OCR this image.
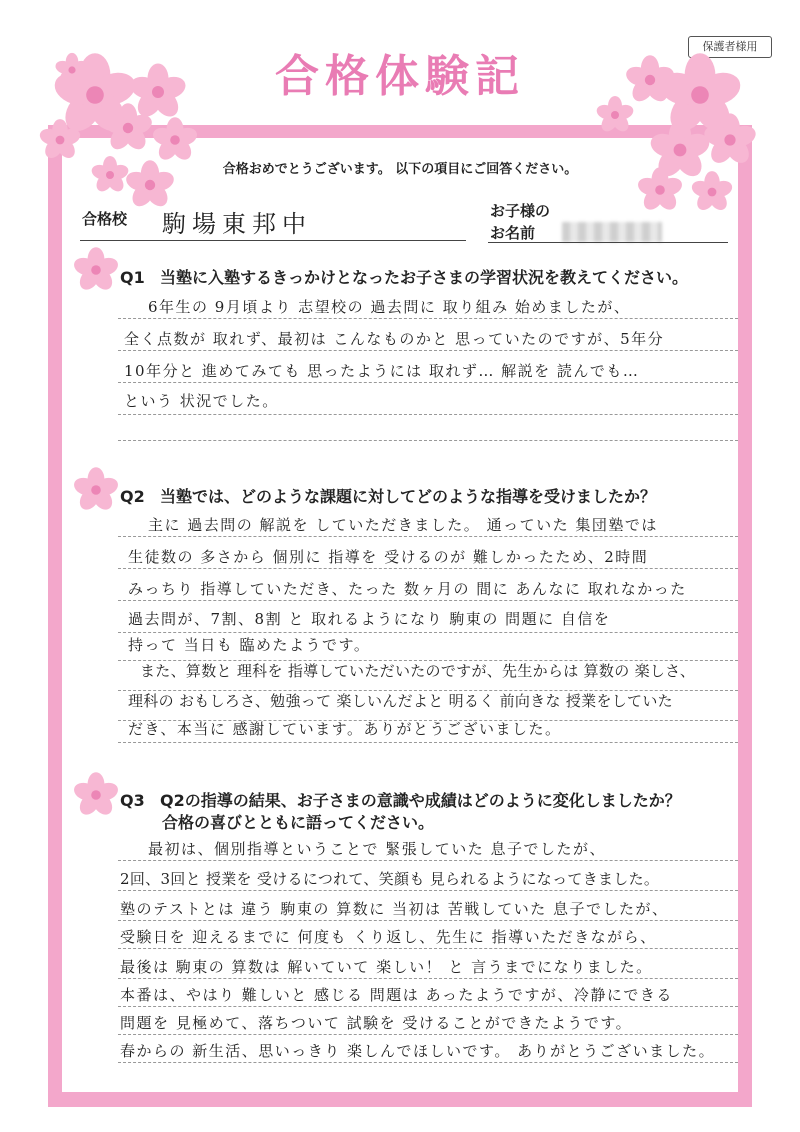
保護者様用
合格体験記
合格おめでとうございます。 以下の項目にご回答ください。
合格校 駒場東邦中	お子様の
お名前
Q1 当塾に入塾するきっかけとなったお子さまの学習状況を教えてください。
6年生の 9月頃より 志望校の 過去問に 取り組み 始めましたが、
全く点数が 取れず、最初は こんなものかと 思っていたのですが、5年分
10年分と 進めてみても 思ったようには 取れず… 解説を 読んでも…
という 状況でした。
Q2 当塾では、どのような課題に対してどのような指導を受けましたか？
主に 過去問の 解説を していただきました。 通っていた 集団塾では
生徒数の 多さから 個別に 指導を 受けるのが 難しかったため、2時間
みっちり 指導していただき、たった 数ヶ月の 間に あんなに 取れなかった
過去問が、7割、8割 と 取れるようになり 駒東の 問題に 自信を
持って 当日も 臨めたようです。
また、算数と 理科を 指導していただいたのですが、先生からは 算数の 楽しさ、
理科の おもしろさ、勉強って 楽しいんだよと 明るく 前向きな 授業をしていた
だき、本当に 感謝しています。ありがとうございました。
Q3 Q2の指導の結果、お子さまの意識や成績はどのように変化しましたか？
合格の喜びとともに語ってください。
最初は、個別指導ということで 緊張していた 息子でしたが、
2回、3回と 授業を 受けるにつれて、笑顔も 見られるようになってきました。
塾のテストとは 違う 駒東の 算数に 当初は 苦戦していた 息子でしたが、
受験日を 迎えるまでに 何度も くり返し、先生に 指導いただきながら、
最後は 駒東の 算数は 解いていて 楽しい！ と 言うまでになりました。
本番は、やはり 難しいと 感じる 問題は あったようですが、冷静にできる
問題を 見極めて、落ちついて 試験を 受けることができたようです。
春からの 新生活、思いっきり 楽しんでほしいです。 ありがとうございました。
